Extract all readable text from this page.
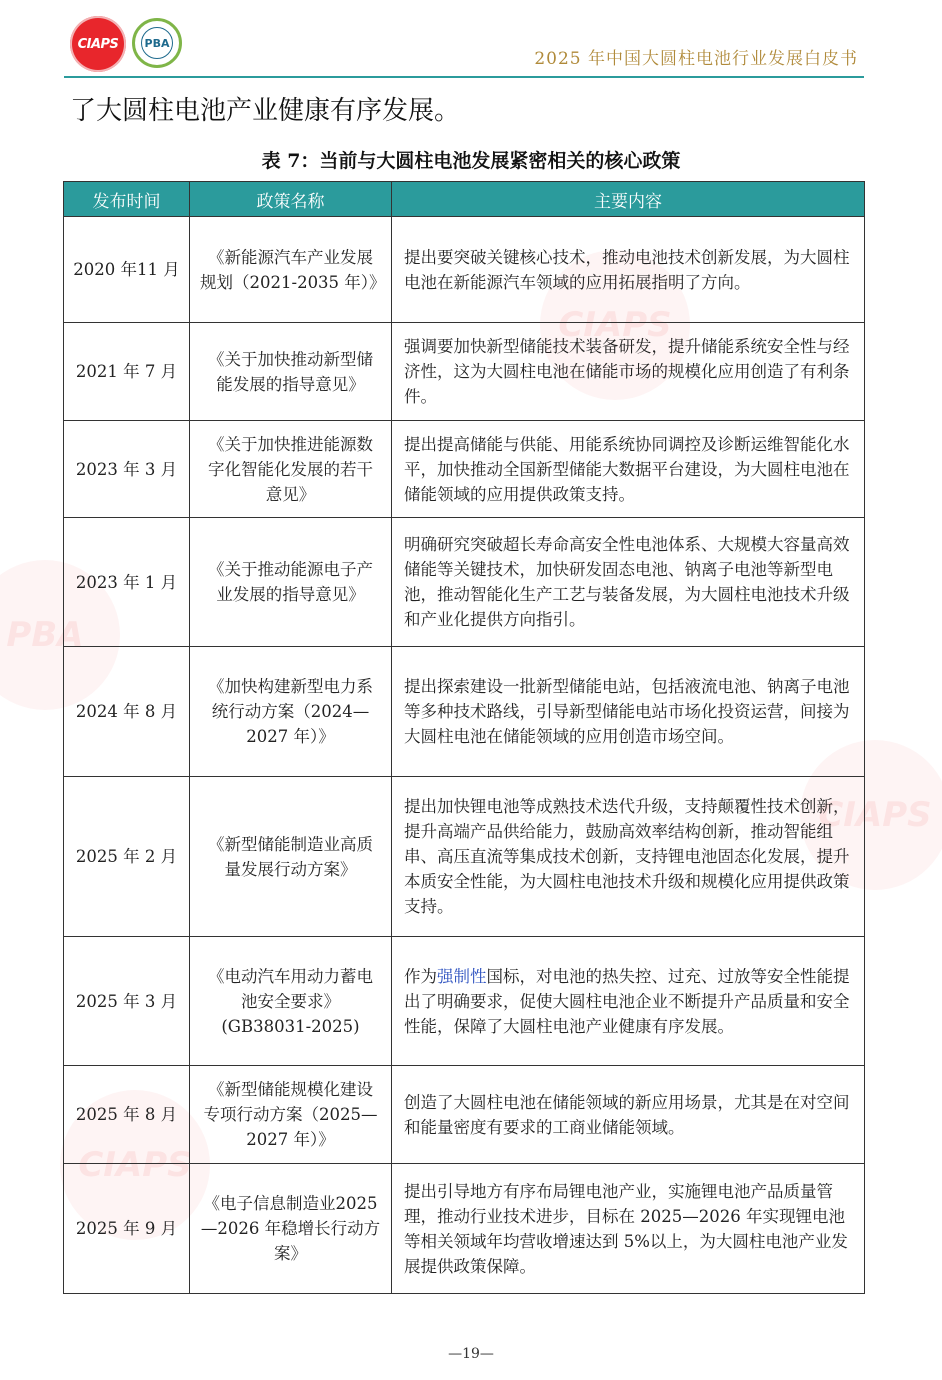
CIAPS
PBA
CIAPS
CIAPS
CIAPS	PBA
2025 年中国大圆柱电池行业发展白皮书
了大圆柱电池产业健康有序发展。
表 7：当前与大圆柱电池发展紧密相关的核心政策
发布时间	政策名称	主要内容
2020 年11 月	《新能源汽车产业发展规划（2021-2035 年）》	提出要突破关键核心技术，推动电池技术创新发展，为大圆柱电池在新能源汽车领域的应用拓展指明了方向。
2021 年 7 月	《关于加快推动新型储能发展的指导意见》	强调要加快新型储能技术装备研发，提升储能系统安全性与经济性，这为大圆柱电池在储能市场的规模化应用创造了有利条件。
2023 年 3 月	《关于加快推进能源数字化智能化发展的若干意见》	提出提高储能与供能、用能系统协同调控及诊断运维智能化水平，加快推动全国新型储能大数据平台建设，为大圆柱电池在储能领域的应用提供政策支持。
2023 年 1 月	《关于推动能源电子产业发展的指导意见》	明确研究突破超长寿命高安全性电池体系、大规模大容量高效储能等关键技术，加快研发固态电池、钠离子电池等新型电池，推动智能化生产工艺与装备发展，为大圆柱电池技术升级和产业化提供方向指引。
2024 年 8 月	《加快构建新型电力系统行动方案（2024—2027 年）》	提出探索建设一批新型储能电站，包括液流电池、钠离子电池等多种技术路线，引导新型储能电站市场化投资运营，间接为大圆柱电池在储能领域的应用创造市场空间。
2025 年 2 月	《新型储能制造业高质量发展行动方案》	提出加快锂电池等成熟技术迭代升级，支持颠覆性技术创新，提升高端产品供给能力，鼓励高效率结构创新，推动智能组串、高压直流等集成技术创新，支持锂电池固态化发展，提升本质安全性能，为大圆柱电池技术升级和规模化应用提供政策支持。
2025 年 3 月	《电动汽车用动力蓄电池安全要求》(GB38031-2025)	作为强制性国标，对电池的热失控、过充、过放等安全性能提出了明确要求，促使大圆柱电池企业不断提升产品质量和安全性能，保障了大圆柱电池产业健康有序发展。
2025 年 8 月	《新型储能规模化建设专项行动方案（2025—2027 年）》	创造了大圆柱电池在储能领域的新应用场景，尤其是在对空间和能量密度有要求的工商业储能领域。
2025 年 9 月	《电子信息制造业2025—2026 年稳增长行动方案》	提出引导地方有序布局锂电池产业，实施锂电池产品质量管理，推动行业技术进步，目标在 2025—2026 年实现锂电池等相关领域年均营收增速达到 5%以上，为大圆柱电池产业发展提供政策保障。
—19—
